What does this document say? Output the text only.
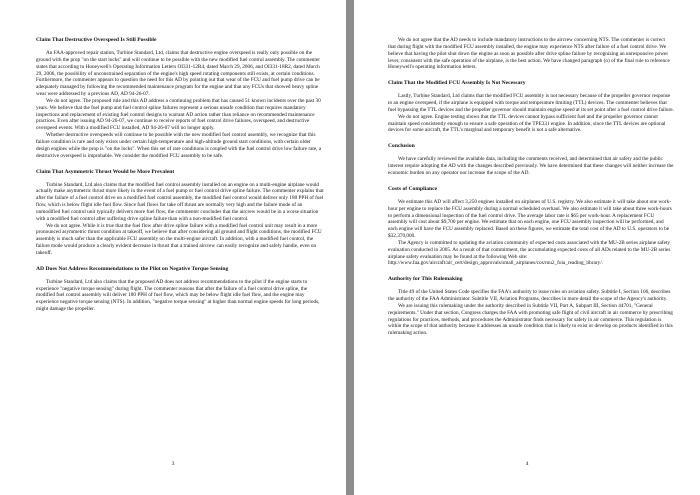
Claim That Destructive Overspeed Is Still Possible

An FAA-approved repair station, Turbine Standard, Ltd, claims that destructive engine overspeed is really only possible on the ground with the prop "on the start locks" and will continue to be possible with the new modified fuel control assembly. The commenter states that according to Honeywell's Operating Information Letters OI331-12R4, dated March 29, 2006, and OI331-18R2, dated March 29, 2006, the possibility of unconstrained separation of the engine's high speed rotating components still exists, at certain conditions. Furthermore, the commenter appears to question the need for this AD by pointing out that wear of the FCU and fuel pump drive can be adequately managed by following the recommended maintenance program for the engine and that any FCUs that showed heavy spline wear were addressed by a previous AD, AD 94-26-07.

We do not agree. The proposed rule and this AD address a continuing problem that has caused 51 known incidents over the past 30 years. We believe that the fuel pump and fuel control spline failures represent a serious unsafe condition that requires mandatory inspections and replacement of existing fuel control designs to warrant AD action rather than reliance on recommended maintenance practices. Even after issuing AD 94-26-07, we continue to receive reports of fuel control drive failures, overspeed, and destructive overspeed events. With a modified FCU installed, AD 94-26-07 will no longer apply.

Whether destructive overspeeds will continue to be possible with the new modified fuel control assembly, we recognize that this failure condition is rare and only exists under certain high-temperature and high-altitude ground start conditions, with certain older design engines while the prop is "on the locks". When this set of rare conditions is coupled with the fuel control drive low failure rate, a destructive overspeed is improbable. We consider the modified FCU assembly to be safe.

Claim That Asymmetric Thrust Would be More Prevalent

Turbine Standard, Ltd also claims that the modified fuel control assembly installed on an engine on a multi-engine airplane would actually make asymmetric thrust more likely in the event of a fuel pump or fuel control drive spline failure. The commenter explains that after the failure of a fuel control drive on a modified fuel control assembly, the modified fuel control would deliver only 180 PPH of fuel flow, which is below flight idle fuel flow. Since fuel flows for take off thrust are normally very high and the failure mode of an unmodified fuel control unit typically delivers more fuel flow, the commenter concludes that the aircrew would be in a worse situation with a modified fuel control after suffering drive spline failure than with a non-modified fuel control.

We do not agree. While it is true that the fuel flow after drive spline failure with a modified fuel control unit may result in a more pronounced asymmetric thrust condition at takeoff, we believe that after considering all ground and flight conditions, the modified FCU assembly is much safer than the applicable FCU assembly on the multi-engine aircraft. In addition, with a modified fuel control, the failure mode would produce a clearly evident decrease in thrust that a trained aircrew can easily recognize and safely handle, even on takeoff.

AD Does Not Address Recommendations to the Pilot on Negative Torque Sensing

Turbine Standard, Ltd also claims that the proposed AD does not address recommendations to the pilot if the engine starts to experience "negative torque sensing" during flight. The commenter reasons that after the failure of a fuel control drive spline, the modified fuel control assembly will deliver 180 PPH of fuel flow, which may be below flight idle fuel flow, and the engine may experience negative torque sensing (NTS). In addition, "negative torque sensing" at higher than normal engine speeds for long periods, might damage the propeller.

3

We do not agree that the AD needs to include mandatory instructions to the aircrew concerning NTS. The commenter is correct that during flight with the modified FCU assembly installed, the engine may experience NTS after failure of a fuel control drive. We believe that having the pilot shut down the engine as soon as possible after drive spline failure by recognizing an unresponsive power lever, consistent with the safe operation of the airplane, is the best action. We have changed paragraph (o) of the final rule to reference Honeywell's operating information letters.

Claim That the Modified FCU Assembly Is Not Necessary

Lastly, Turbine Standard, Ltd claims that the modified FCU assembly is not necessary because of the propeller governor response to an engine overspeed, if the airplane is equipped with torque and temperature limiting (TTL) devices. The commenter believes that fuel bypassing the TTL devices and the propeller governor should maintain engine speed at its set point after a fuel control drive failure.

We do not agree. Engine testing shows that the TTL devices cannot bypass sufficient fuel and the propeller governor cannot maintain speed consistently enough to ensure a safe operation of the TPE331 engine. In addition, since the TTL devices are optional devices for some aircraft, the TTL's marginal and temporary benefit is not a safe alternative.

Conclusion

We have carefully reviewed the available data, including the comments received, and determined that air safety and the public interest require adopting the AD with the changes described previously. We have determined that these changes will neither increase the economic burden on any operator nor increase the scope of the AD.

Costs of Compliance

We estimate this AD will affect 3,250 engines installed on airplanes of U.S. registry. We also estimate it will take about one work-hour per engine to replace the FCU assembly during a normal scheduled overhaul. We also estimate it will take about three work-hours to perform a dimensional inspection of the fuel control drive. The average labor rate is $65 per work-hour. A replacement FCU assembly will cost about $9,700 per engine. We estimate that on each engine, one FCU assembly inspection will be performed, and each engine will have the FCU assembly replaced. Based on these figures, we estimate the total cost of the AD to U.S. operators to be $32,370,000.

The Agency is committed to updating the aviation community of expected costs associated with the MU-2B series airplane safety evaluation conducted in 2005. As a result of that commitment, the accumulating expected costs of all ADs related to the MU-2B series airplane safety evaluation may be found at the following Web site:

http://www.faa.gov/aircraft/air_cert/design_approvals/small_airplanes/cos/mu2_foia_reading_library/.

Authority for This Rulemaking

Title 49 of the United States Code specifies the FAA's authority to issue rules on aviation safety. Subtitle I, Section 106, describes the authority of the FAA Administrator. Subtitle VII, Aviation Programs, describes in more detail the scope of the Agency's authority.

We are issuing this rulemaking under the authority described in Subtitle VII, Part A, Subpart III, Section 44701, "General requirements." Under that section, Congress charges the FAA with promoting safe flight of civil aircraft in air commerce by prescribing regulations for practices, methods, and procedures the Administrator finds necessary for safety in air commerce. This regulation is within the scope of that authority because it addresses an unsafe condition that is likely to exist or develop on products identified in this rulemaking action.

4
